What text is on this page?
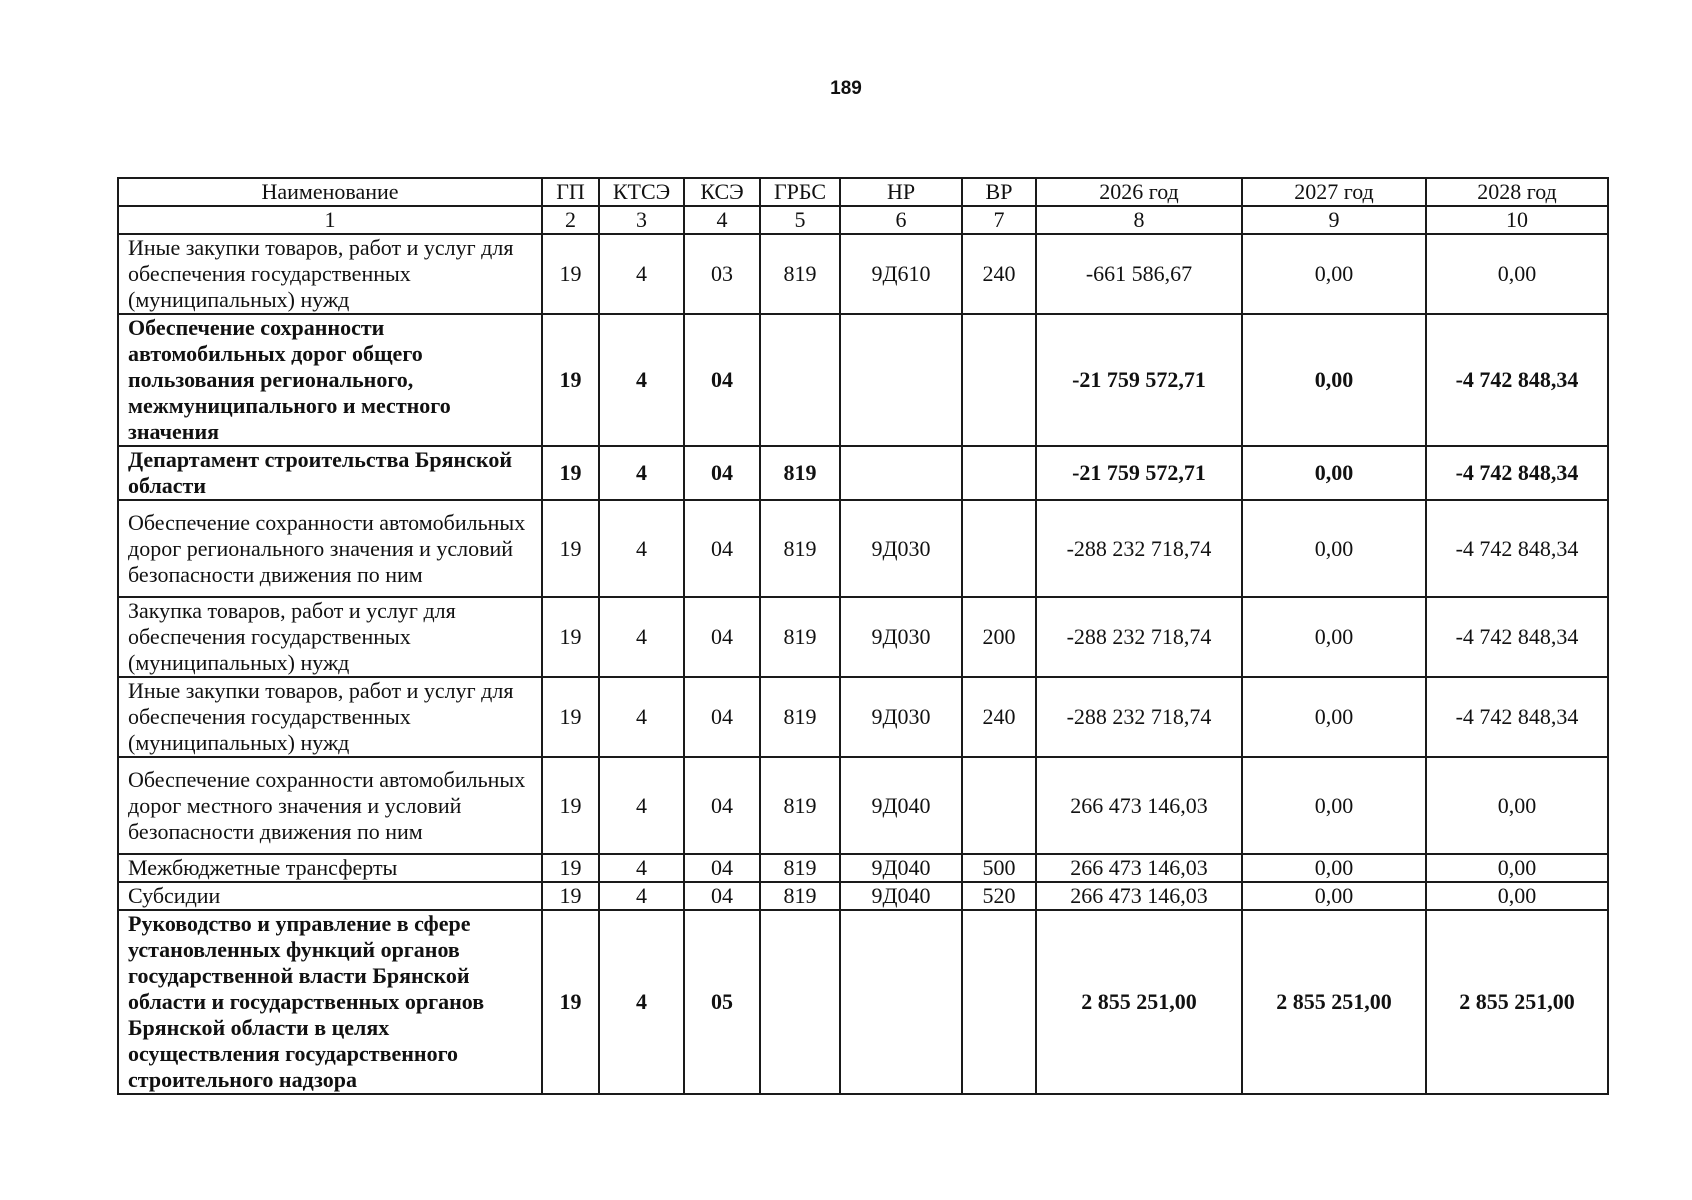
189
Наименование	ГП	КТСЭ	КСЭ	ГРБС	НР	ВР	2026 год	2027 год	2028 год
1	2	3	4	5	6	7	8	9	10
Иные закупки товаров, работ и услуг для обеспечения государственных (муниципальных) нужд	19	4	03	819	9Д610	240	-661 586,67	0,00	0,00
Обеспечение сохранности автомобильных дорог общего пользования регионального, межмуниципального и местного значения	19	4	04				-21 759 572,71	0,00	-4 742 848,34
Департамент строительства Брянской области	19	4	04	819			-21 759 572,71	0,00	-4 742 848,34
Обеспечение сохранности автомобильных дорог регионального значения и условий безопасности движения по ним	19	4	04	819	9Д030		-288 232 718,74	0,00	-4 742 848,34
Закупка товаров, работ и услуг для обеспечения государственных (муниципальных) нужд	19	4	04	819	9Д030	200	-288 232 718,74	0,00	-4 742 848,34
Иные закупки товаров, работ и услуг для обеспечения государственных (муниципальных) нужд	19	4	04	819	9Д030	240	-288 232 718,74	0,00	-4 742 848,34
Обеспечение сохранности автомобильных дорог местного значения и условий безопасности движения по ним	19	4	04	819	9Д040		266 473 146,03	0,00	0,00
Межбюджетные трансферты	19	4	04	819	9Д040	500	266 473 146,03	0,00	0,00
Субсидии	19	4	04	819	9Д040	520	266 473 146,03	0,00	0,00
Руководство и управление в сфере установленных функций органов государственной власти Брянской области и государственных органов Брянской области в целях осуществления государственного строительного надзора	19	4	05				2 855 251,00	2 855 251,00	2 855 251,00
